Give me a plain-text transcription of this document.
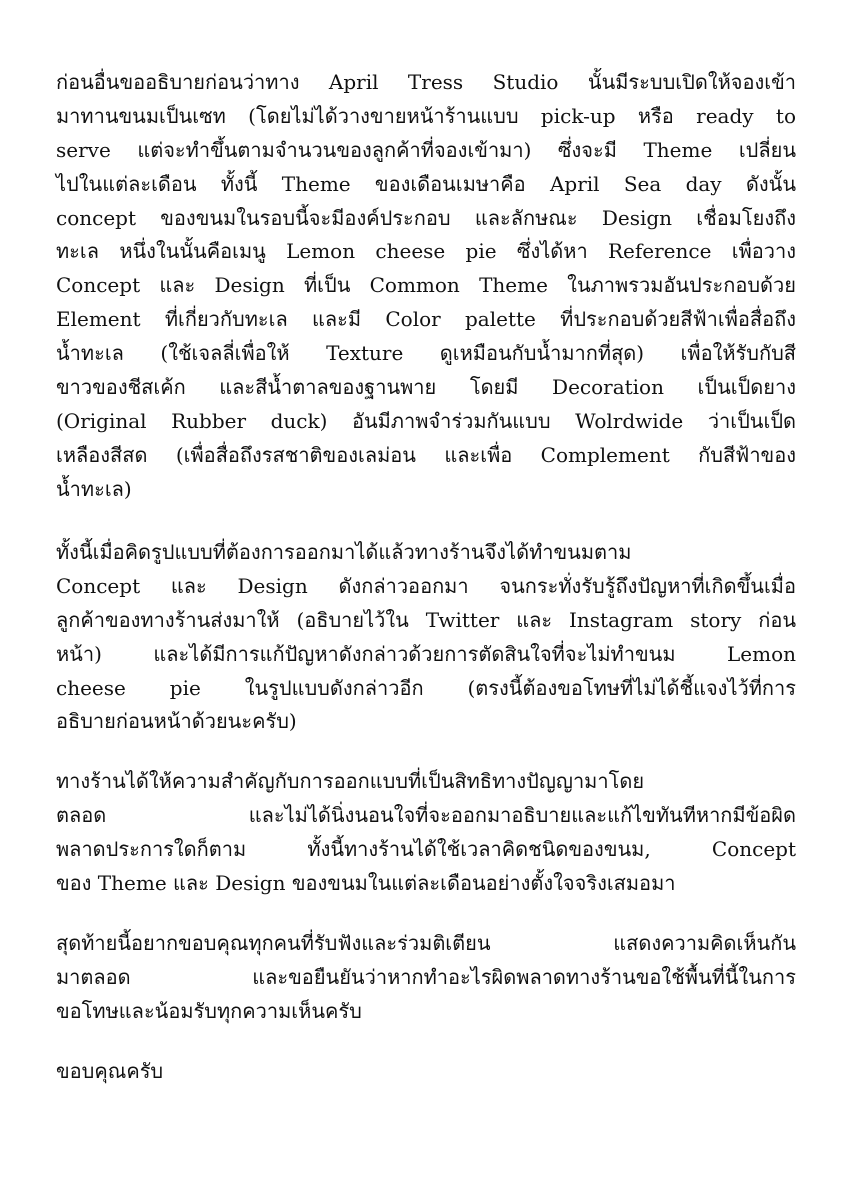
ก่อนอื่นขออธิบายก่อนว่าทาง April Tress Studio นั้นมีระบบเปิดให้จองเข้า
มาทานขนมเป็นเซท (โดยไม่ได้วางขายหน้าร้านแบบ pick-up หรือ ready to
serve แต่จะทำขึ้นตามจำนวนของลูกค้าที่จองเข้ามา) ซึ่งจะมี Theme เปลี่ยน
ไปในแต่ละเดือน ทั้งนี้ Theme ของเดือนเมษาคือ April Sea day ดังนั้น
concept ของขนมในรอบนี้จะมีองค์ประกอบ และลักษณะ Design เชื่อมโยงถึง
ทะเล หนึ่งในนั้นคือเมนู Lemon cheese pie ซึ่งได้หา Reference เพื่อวาง
Concept และ Design ที่เป็น Common Theme ในภาพรวมอันประกอบด้วย
Element ที่เกี่ยวกับทะเล และมี Color palette ที่ประกอบด้วยสีฟ้าเพื่อสื่อถึง
น้ำทะเล (ใช้เจลลี่เพื่อให้ Texture ดูเหมือนกับน้ำมากที่สุด) เพื่อให้รับกับสี
ขาวของชีสเค้ก และสีน้ำตาลของฐานพาย โดยมี Decoration เป็นเป็ดยาง
(Original Rubber duck) อันมีภาพจำร่วมกันแบบ Wolrdwide ว่าเป็นเป็ด
เหลืองสีสด (เพื่อสื่อถึงรสชาติของเลม่อน และเพื่อ Complement กับสีฟ้าของ
น้ำทะเล)
ทั้งนี้เมื่อคิดรูปแบบที่ต้องการออกมาได้แล้วทางร้านจึงได้ทำขนมตาม
Concept และ Design ดังกล่าวออกมา จนกระทั่งรับรู้ถึงปัญหาที่เกิดขึ้นเมื่อ
ลูกค้าของทางร้านส่งมาให้ (อธิบายไว้ใน Twitter และ Instagram story ก่อน
หน้า) และได้มีการแก้ปัญหาดังกล่าวด้วยการตัดสินใจที่จะไม่ทำขนม Lemon
cheese pie ในรูปแบบดังกล่าวอีก (ตรงนี้ต้องขอโทษที่ไม่ได้ชี้แจงไว้ที่การ
อธิบายก่อนหน้าด้วยนะครับ)
ทางร้านได้ให้ความสำคัญกับการออกแบบที่เป็นสิทธิทางปัญญามาโดย
ตลอด และไม่ได้นิ่งนอนใจที่จะออกมาอธิบายและแก้ไขทันทีหากมีข้อผิด
พลาดประการใดก็ตาม ทั้งนี้ทางร้านได้ใช้เวลาคิดชนิดของขนม, Concept
ของ Theme และ Design ของขนมในแต่ละเดือนอย่างตั้งใจจริงเสมอมา
สุดท้ายนี้อยากขอบคุณทุกคนที่รับฟังและร่วมติเตียน แสดงความคิดเห็นกัน
มาตลอด และขอยืนยันว่าหากทำอะไรผิดพลาดทางร้านขอใช้พื้นที่นี้ในการ
ขอโทษและน้อมรับทุกความเห็นครับ
ขอบคุณครับ
